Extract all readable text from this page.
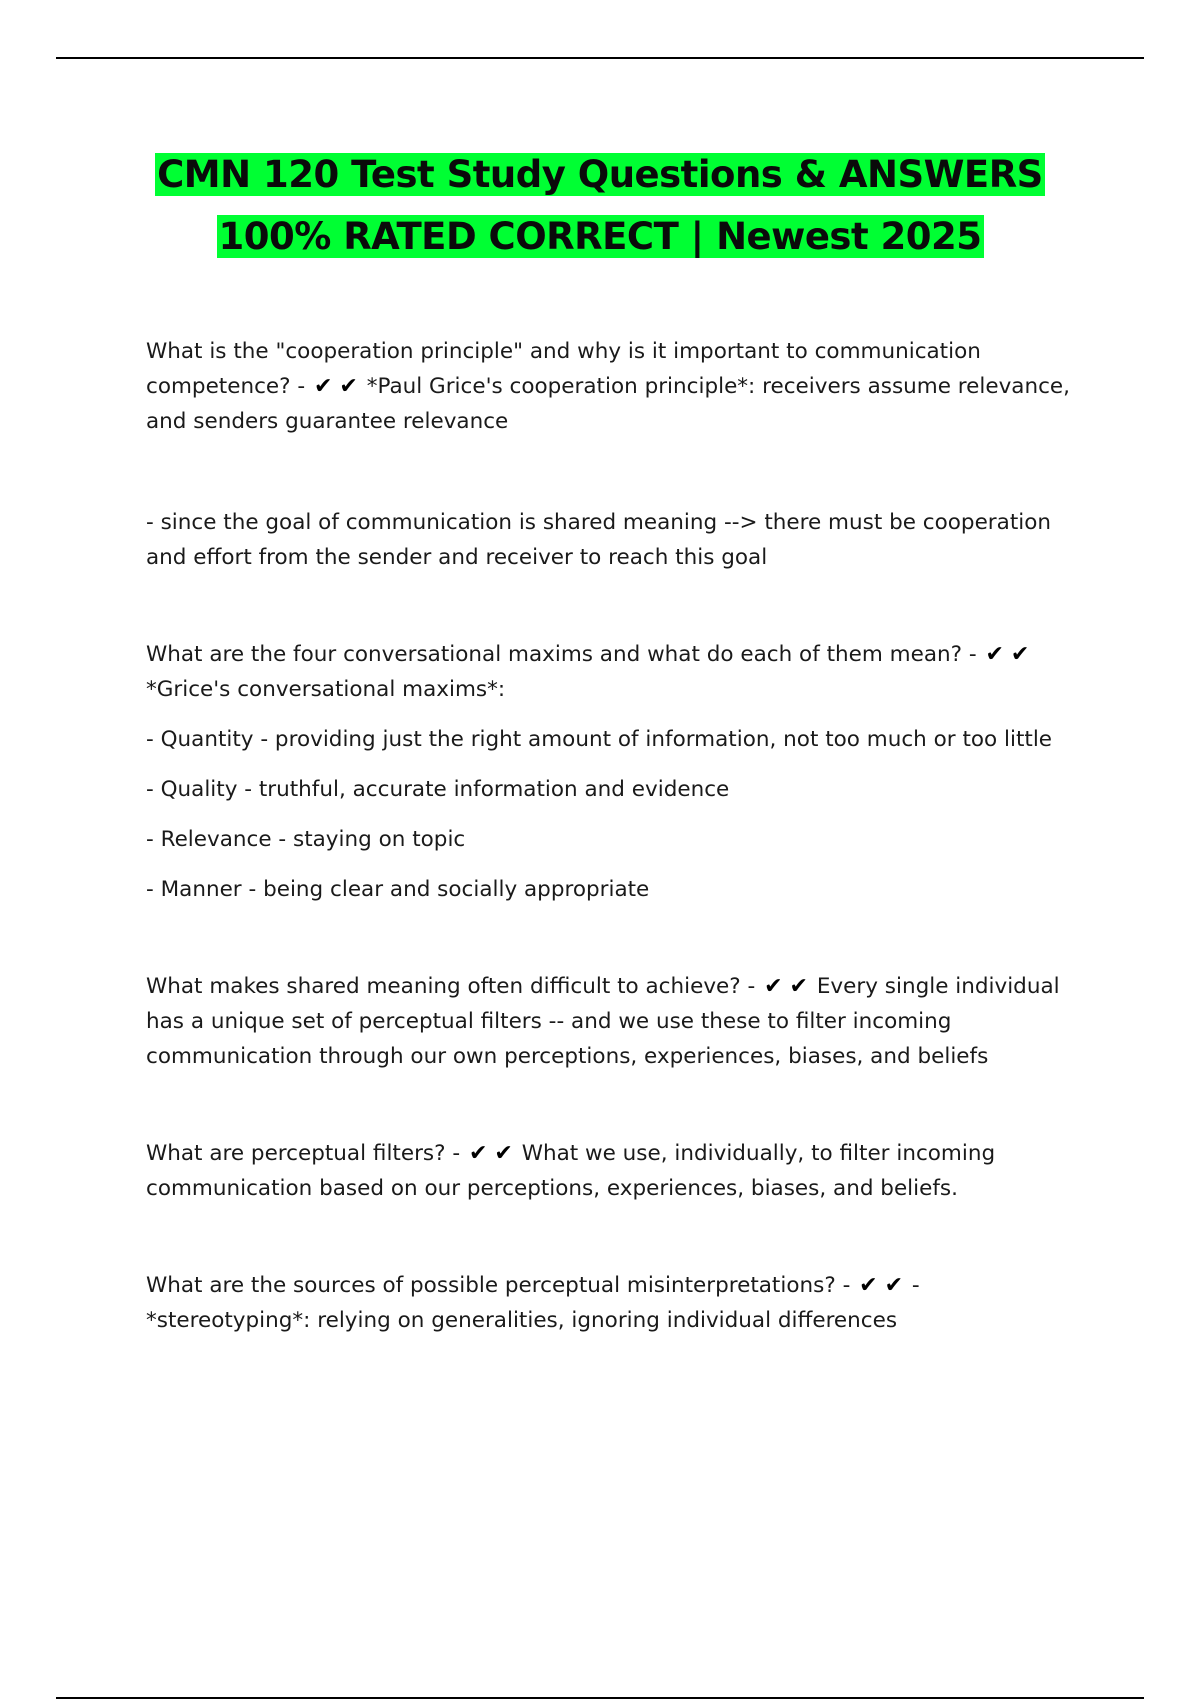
CMN 120 Test Study Questions & ANSWERS
100% RATED CORRECT | Newest 2025

What is the "cooperation principle" and why is it important to communication competence? - ✔ ✔ *Paul Grice's cooperation principle*: receivers assume relevance, and senders guarantee relevance

- since the goal of communication is shared meaning --> there must be cooperation and effort from the sender and receiver to reach this goal

What are the four conversational maxims and what do each of them mean? - ✔ ✔ *Grice's conversational maxims*:

- Quantity - providing just the right amount of information, not too much or too little

- Quality - truthful, accurate information and evidence

- Relevance - staying on topic

- Manner - being clear and socially appropriate

What makes shared meaning often difficult to achieve? - ✔ ✔ Every single individual has a unique set of perceptual filters -- and we use these to filter incoming communication through our own perceptions, experiences, biases, and beliefs

What are perceptual filters? - ✔ ✔ What we use, individually, to filter incoming communication based on our perceptions, experiences, biases, and beliefs.

What are the sources of possible perceptual misinterpretations? - ✔ ✔ - *stereotyping*: relying on generalities, ignoring individual differences
